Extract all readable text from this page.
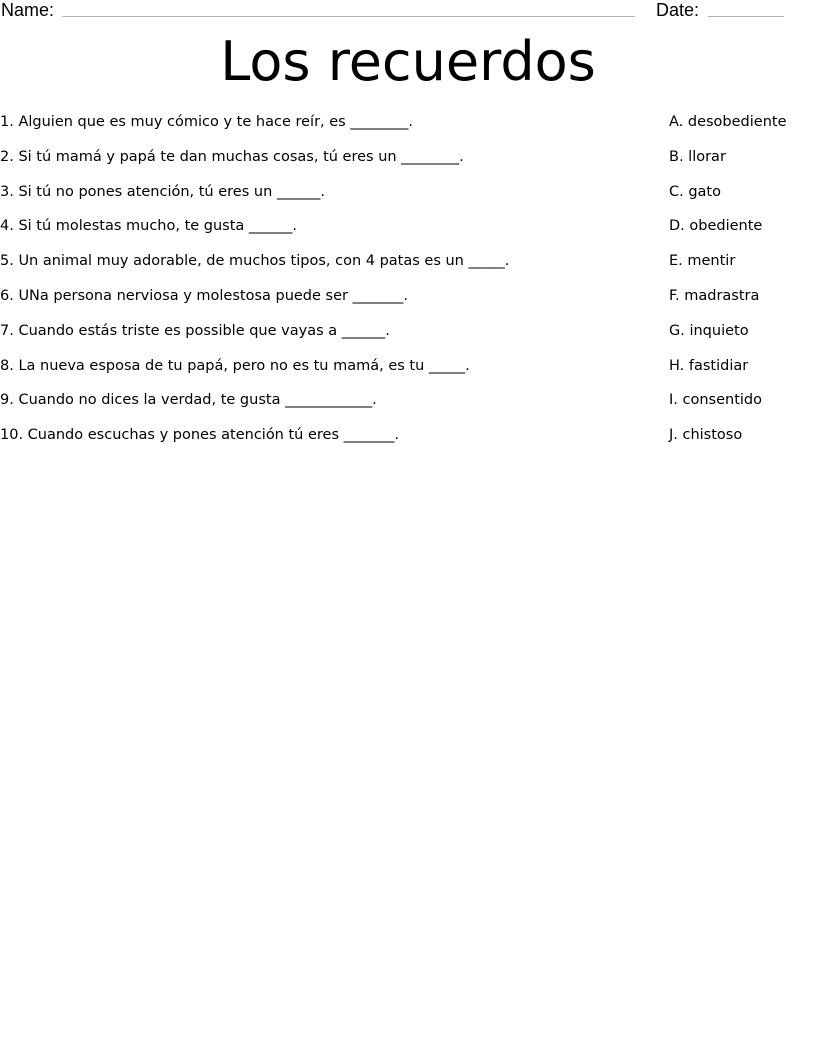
Name:	Date:
Los recuerdos
1. Alguien que es muy cómico y te hace reír, es ________.
2. Si tú mamá y papá te dan muchas cosas, tú eres un ________.
3. Si tú no pones atención, tú eres un ______.
4. Si tú molestas mucho, te gusta ______.
5. Un animal muy adorable, de muchos tipos, con 4 patas es un _____.
6. UNa persona nerviosa y molestosa puede ser _______.
7. Cuando estás triste es possible que vayas a ______.
8. La nueva esposa de tu papá, pero no es tu mamá, es tu _____.
9. Cuando no dices la verdad, te gusta ____________.
10. Cuando escuchas y pones atención tú eres _______.
A. desobediente
B. llorar
C. gato
D. obediente
E. mentir
F. madrastra
G. inquieto
H. fastidiar
I. consentido
J. chistoso
